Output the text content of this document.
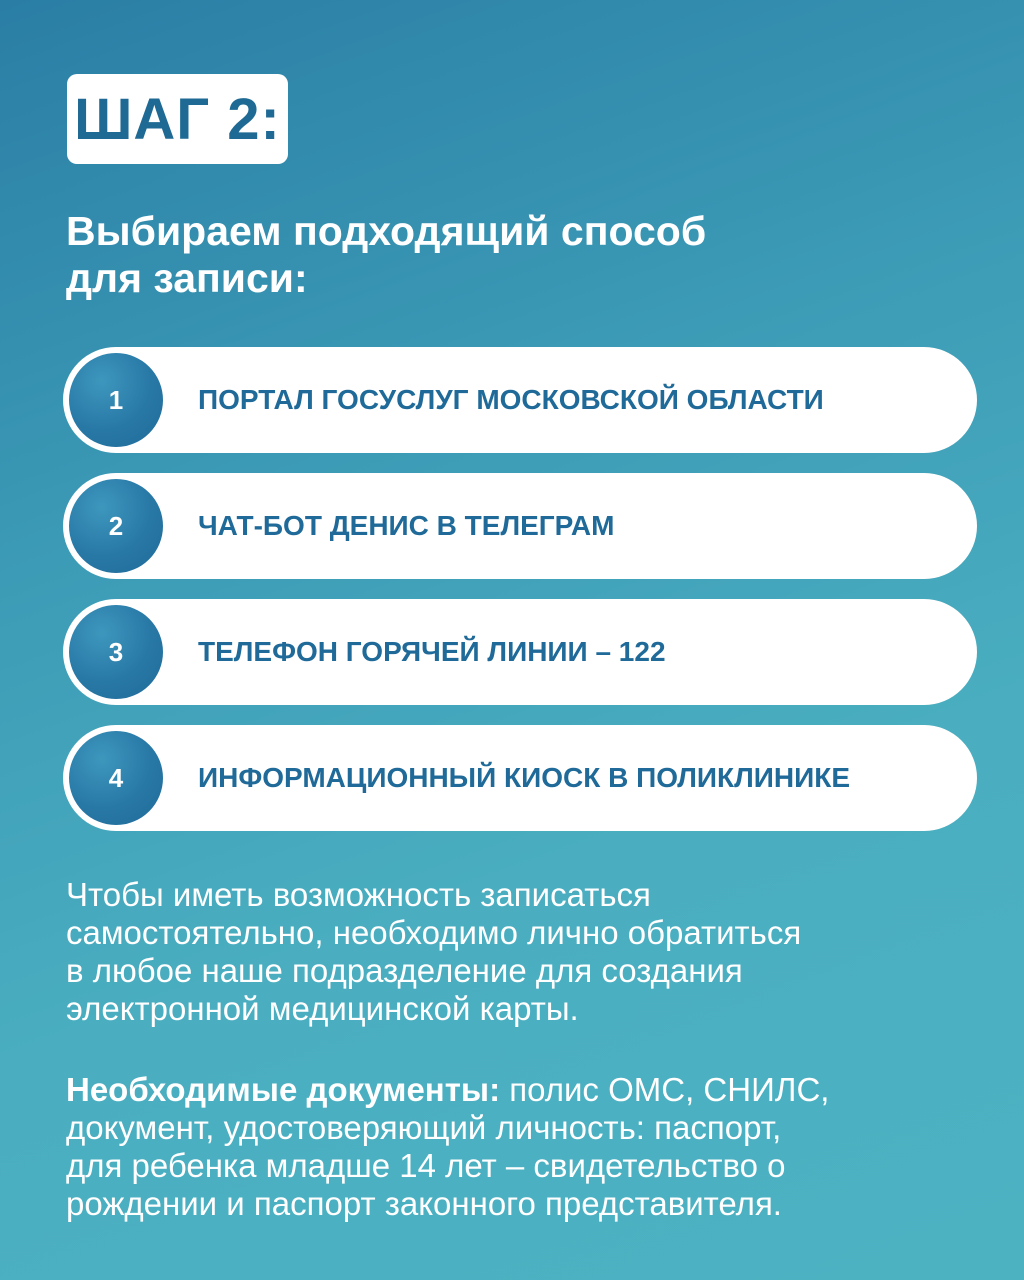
ШАГ 2:
Выбираем подходящий способ
для записи:
1	ПОРТАЛ ГОСУСЛУГ МОСКОВСКОЙ ОБЛАСТИ
2	ЧАТ-БОТ ДЕНИС В ТЕЛЕГРАМ
3	ТЕЛЕФОН ГОРЯЧЕЙ ЛИНИИ – 122
4	ИНФОРМАЦИОННЫЙ КИОСК В ПОЛИКЛИНИКЕ
Чтобы иметь возможность записаться
самостоятельно, необходимо лично обратиться
в любое наше подразделение для создания
электронной медицинской карты.
Необходимые документы: полис ОМС, СНИЛС,
документ, удостоверяющий личность: паспорт,
для ребенка младше 14 лет – свидетельство о
рождении и паспорт законного представителя.
